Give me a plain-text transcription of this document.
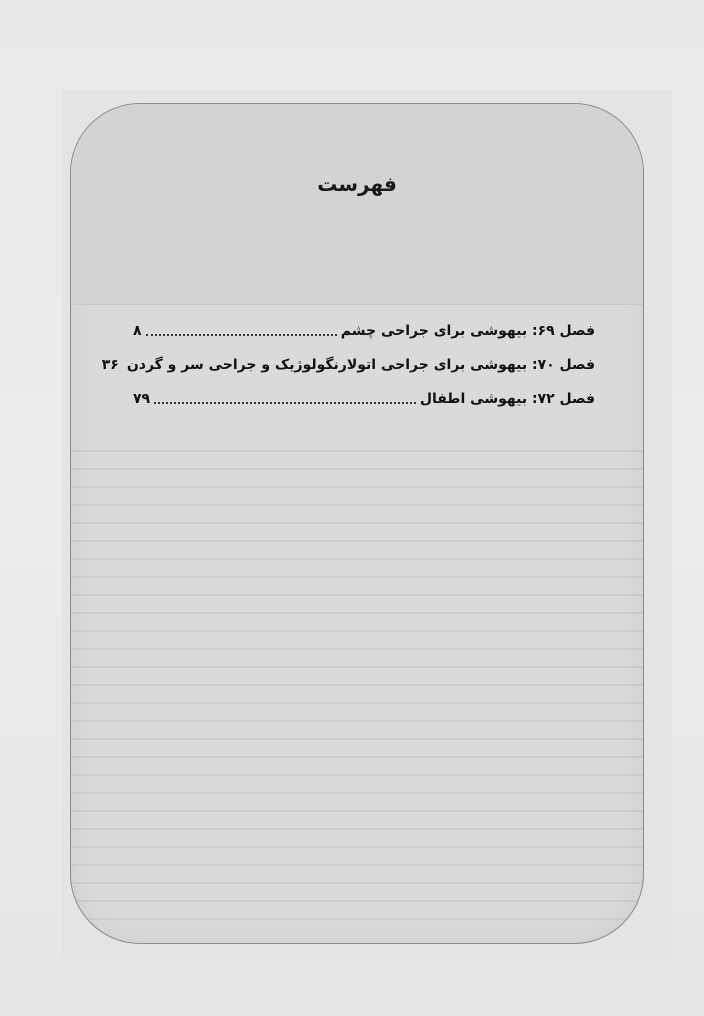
فهرست
فصل ۶۹: بیهوشی برای جراحی چشم
۸
فصل ۷۰: بیهوشی برای جراحی اتولارنگولوژیک و جراحی سر و گردن
۳۶
فصل ۷۲: بیهوشی اطفال
۷۹
